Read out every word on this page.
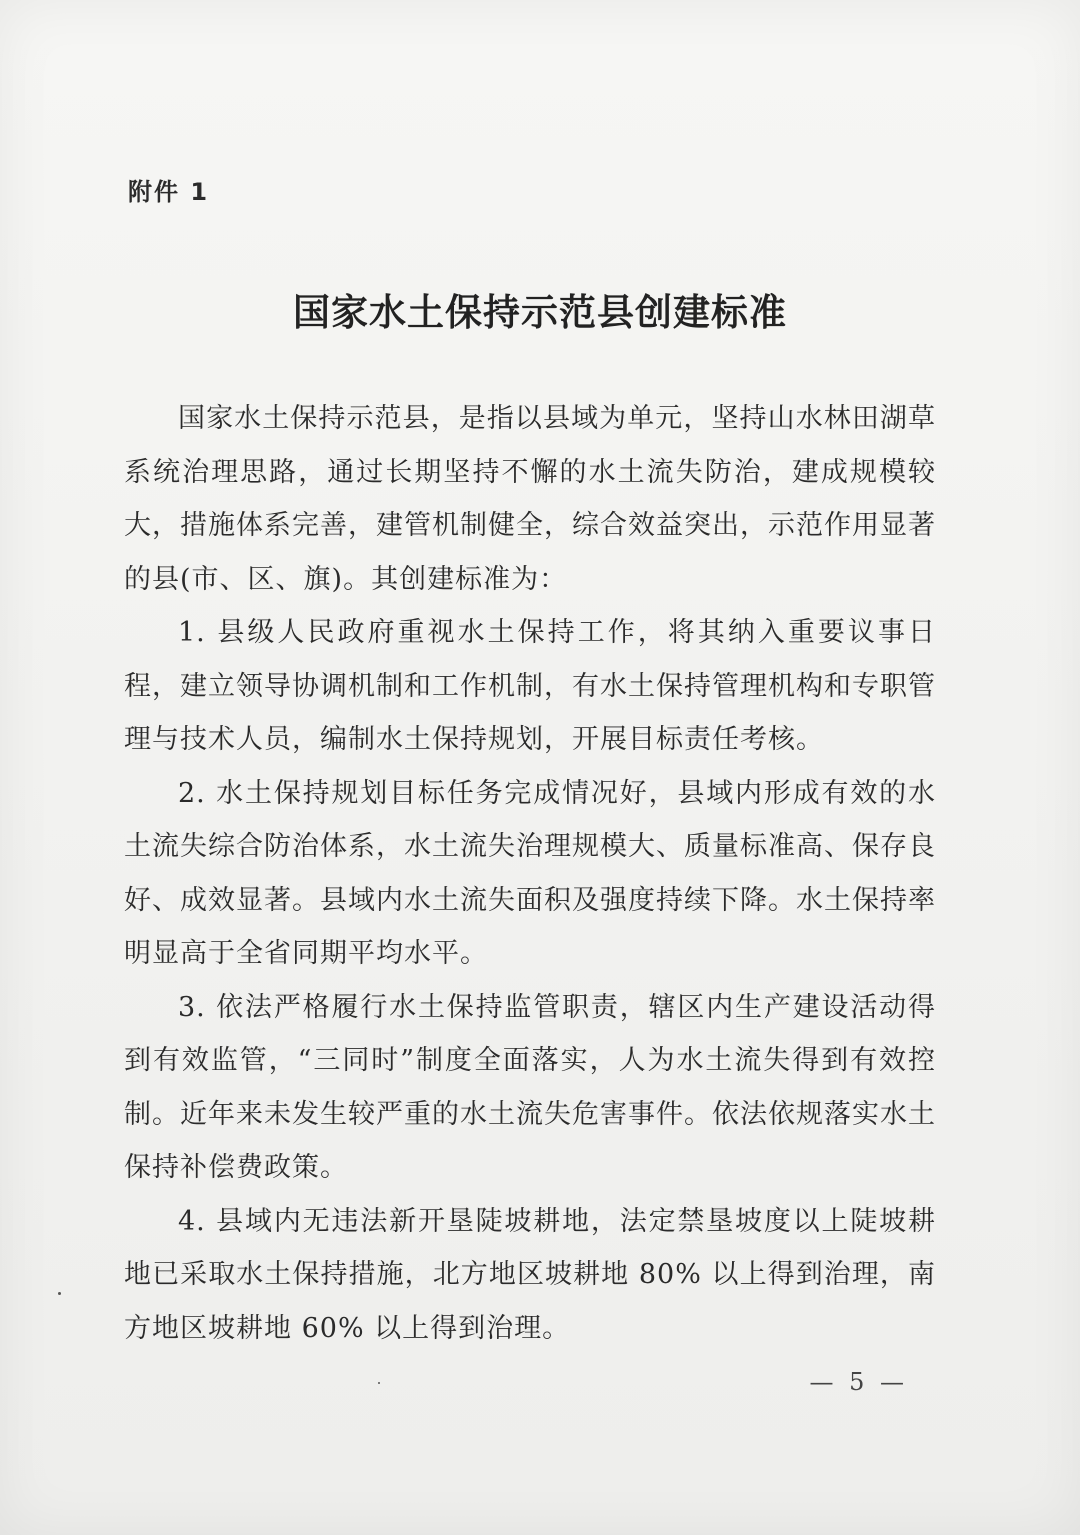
附件 1
国家水土保持示范县创建标准

国家水土保持示范县，是指以县域为单元，坚持山水林田湖草系统治理思路，通过长期坚持不懈的水土流失防治，建成规模较大，措施体系完善，建管机制健全，综合效益突出，示范作用显著的县(市、区、旗)。其创建标准为：

1. 县级人民政府重视水土保持工作，将其纳入重要议事日程，建立领导协调机制和工作机制，有水土保持管理机构和专职管理与技术人员，编制水土保持规划，开展目标责任考核。

2. 水土保持规划目标任务完成情况好，县域内形成有效的水土流失综合防治体系，水土流失治理规模大、质量标准高、保存良好、成效显著。县域内水土流失面积及强度持续下降。水土保持率明显高于全省同期平均水平。

3. 依法严格履行水土保持监管职责，辖区内生产建设活动得到有效监管，“三同时”制度全面落实，人为水土流失得到有效控制。近年来未发生较严重的水土流失危害事件。依法依规落实水土保持补偿费政策。

4. 县域内无违法新开垦陡坡耕地，法定禁垦坡度以上陡坡耕地已采取水土保持措施，北方地区坡耕地 80% 以上得到治理，南方地区坡耕地 60% 以上得到治理。

— 5 —
